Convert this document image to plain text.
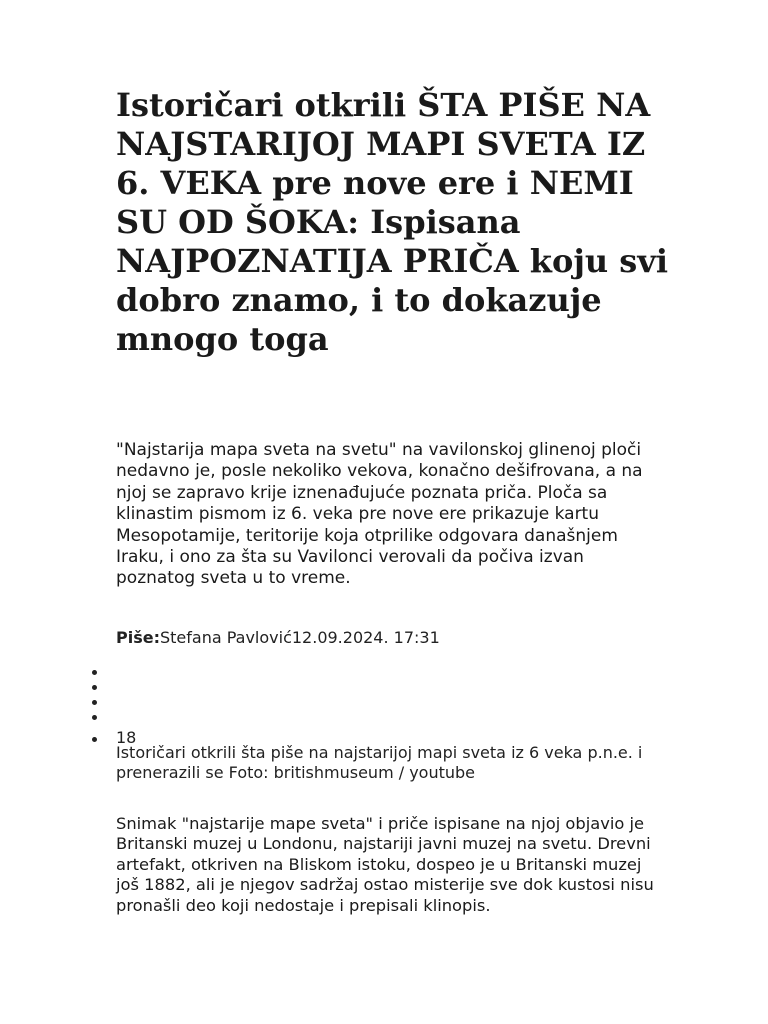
Istoričari otkrili ŠTA PIŠE NA NAJSTARIJOJ MAPI SVETA IZ 6. VEKA pre nove ere i NEMI SU OD ŠOKA: Ispisana NAJPOZNATIJA PRIČA koju svi dobro znamo, i to dokazuje mnogo toga

"Najstarija mapa sveta na svetu" na vavilonskoj glinenoj ploči nedavno je, posle nekoliko vekova, konačno dešifrovana, a na njoj se zapravo krije iznenađujuće poznata priča. Ploča sa klinastim pismom iz 6. veka pre nove ere prikazuje kartu Mesopotamije, teritorije koja otprilike odgovara današnjem Iraku, i ono za šta su Vavilonci verovali da počiva izvan poznatog sveta u to vreme.

Piše:Stefana Pavlović12.09.2024. 17:31

18

Istoričari otkrili šta piše na najstarijoj mapi sveta iz 6 veka p.n.e. i prenerazili se Foto: britishmuseum / youtube

Snimak "najstarije mape sveta" i priče ispisane na njoj objavio je Britanski muzej u Londonu, najstariji javni muzej na svetu. Drevni artefakt, otkriven na Bliskom istoku, dospeo je u Britanski muzej još 1882, ali je njegov sadržaj ostao misterije sve dok kustosi nisu pronašli deo koji nedostaje i prepisali klinopis.
